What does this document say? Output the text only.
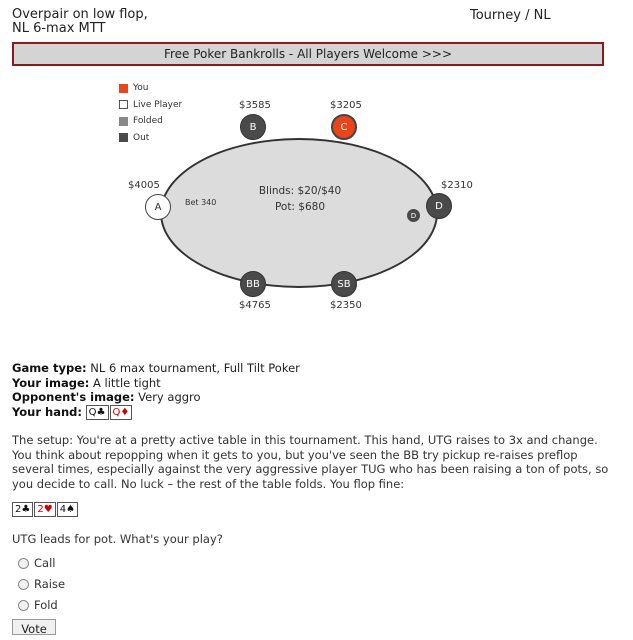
Overpair on low flop,
NL 6-max MTT
Tourney / NL
Free Poker Bankrolls - All Players Welcome >>>
You
Live Player
Folded
Out
Blinds: $20/$40
Pot: $680
$3585
B
$3205
C
$4005
A	Bet 340
$2310
D
D
BB
$4765
SB
$2350
Game type: NL 6 max tournament, Full Tilt Poker
Your image: A little tight
Opponent's image: Very aggro
Your hand: Q♣ Q♦
The setup: You're at a pretty active table in this tournament. This hand, UTG raises to 3x and change. You think about repopping when it gets to you, but you've seen the BB try pickup re-raises preflop several times, especially against the very aggressive player TUG who has been raising a ton of pots, so you decide to call. No luck – the rest of the table folds. You flop fine:
2♣ 2♥ 4♠
UTG leads for pot. What's your play?
Call
Raise
Fold
Vote
